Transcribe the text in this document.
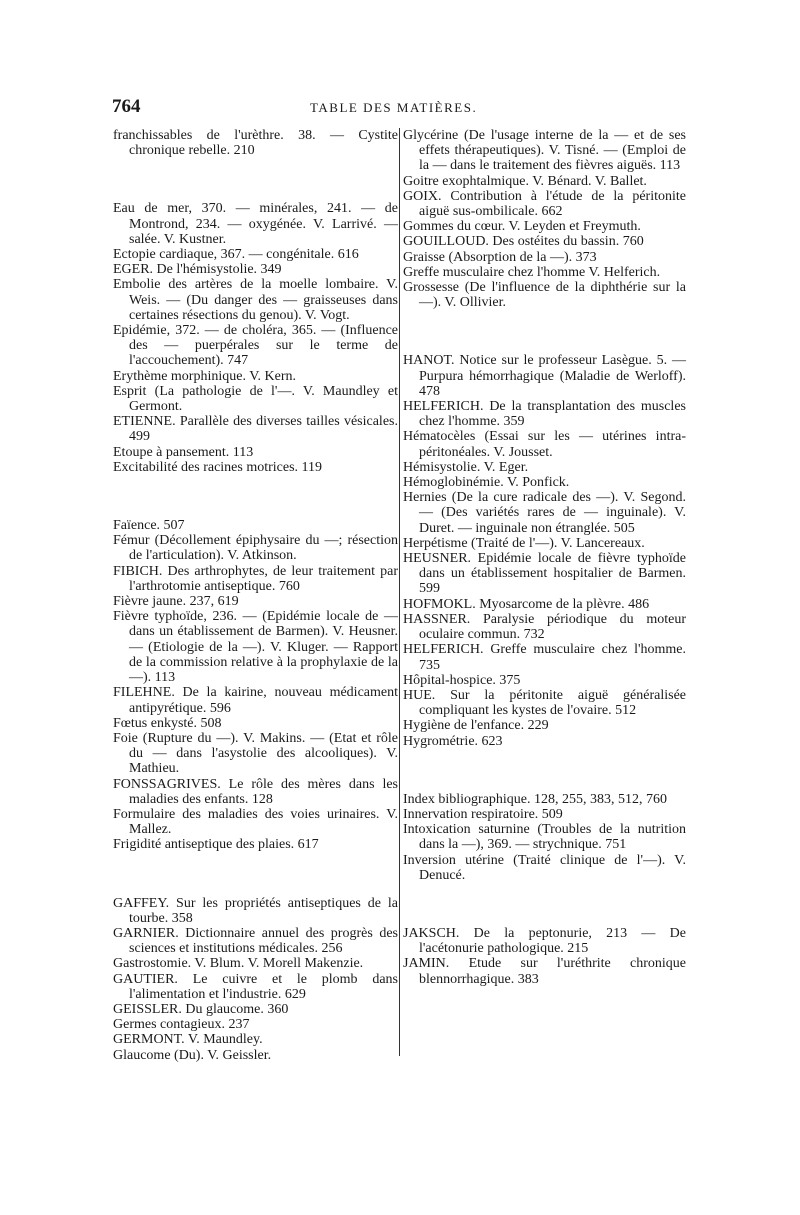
764	TABLE DES MATIÈRES.

franchissables de l'urèthre. 38. — Cystite chronique rebelle. 210

Eau de mer, 370. — minérales, 241. — de Montrond, 234. — oxygénée. V. Larrivé. — salée. V. Kustner.

Ectopie cardiaque, 367. — congénitale. 616

EGER. De l'hémisystolie. 349

Embolie des artères de la moelle lombaire. V. Weis. — (Du danger des — graisseuses dans certaines résections du genou). V. Vogt.

Epidémie, 372. — de choléra, 365. — (Influence des — puerpérales sur le terme de l'accouchement). 747

Erythème morphinique. V. Kern.

Esprit (La pathologie de l'—. V. Maundley et Germont.

ETIENNE. Parallèle des diverses tailles vésicales. 499

Etoupe à pansement. 113

Excitabilité des racines motrices. 119

Faïence. 507

Fémur (Décollement épiphysaire du —; résection de l'articulation). V. Atkinson.

FIBICH. Des arthrophytes, de leur traitement par l'arthrotomie antiseptique. 760

Fièvre jaune. 237, 619

Fièvre typhoïde, 236. — (Epidémie locale de — dans un établissement de Barmen). V. Heusner. — (Etiologie de la —). V. Kluger. — Rapport de la commission relative à la prophylaxie de la —). 113

FILEHNE. De la kairine, nouveau médicament antipyrétique. 596

Fœtus enkysté. 508

Foie (Rupture du —). V. Makins. — (Etat et rôle du — dans l'asystolie des alcooliques). V. Mathieu.

FONSSAGRIVES. Le rôle des mères dans les maladies des enfants. 128

Formulaire des maladies des voies urinaires. V. Mallez.

Frigidité antiseptique des plaies. 617

GAFFEY. Sur les propriétés antiseptiques de la tourbe. 358

GARNIER. Dictionnaire annuel des progrès des sciences et institutions médicales. 256

Gastrostomie. V. Blum. V. Morell Makenzie.

GAUTIER. Le cuivre et le plomb dans l'alimentation et l'industrie. 629

GEISSLER. Du glaucome. 360

Germes contagieux. 237

GERMONT. V. Maundley.

Glaucome (Du). V. Geissler.

Glycérine (De l'usage interne de la — et de ses effets thérapeutiques). V. Tisné. — (Emploi de la — dans le traitement des fièvres aiguës. 113

Goitre exophtalmique. V. Bénard. V. Ballet.

GOIX. Contribution à l'étude de la péritonite aiguë sus-ombilicale. 662

Gommes du cœur. V. Leyden et Freymuth.

GOUILLOUD. Des ostéites du bassin. 760

Graisse (Absorption de la —). 373

Greffe musculaire chez l'homme V. Helferich.

Grossesse (De l'influence de la diphthérie sur la —). V. Ollivier.

HANOT. Notice sur le professeur Lasègue. 5. — Purpura hémorrhagique (Maladie de Werloff). 478

HELFERICH. De la transplantation des muscles chez l'homme. 359

Hématocèles (Essai sur les — utérines intra-péritonéales. V. Jousset.

Hémisystolie. V. Eger.

Hémoglobinémie. V. Ponfick.

Hernies (De la cure radicale des —). V. Segond. — (Des variétés rares de — inguinale). V. Duret. — inguinale non étranglée. 505

Herpétisme (Traité de l'—). V. Lancereaux.

HEUSNER. Epidémie locale de fièvre typhoïde dans un établissement hospitalier de Barmen. 599

HOFMOKL. Myosarcome de la plèvre. 486

HASSNER. Paralysie périodique du moteur oculaire commun. 732

HELFERICH. Greffe musculaire chez l'homme. 735

Hôpital-hospice. 375

HUE. Sur la péritonite aiguë généralisée compliquant les kystes de l'ovaire. 512

Hygiène de l'enfance. 229

Hygrométrie. 623

Index bibliographique. 128, 255, 383, 512, 760

Innervation respiratoire. 509

Intoxication saturnine (Troubles de la nutrition dans la —), 369. — strychnique. 751

Inversion utérine (Traité clinique de l'—). V. Denucé.

JAKSCH. De la peptonurie, 213 — De l'acétonurie pathologique. 215

JAMIN. Etude sur l'uréthrite chronique blennorrhagique. 383
